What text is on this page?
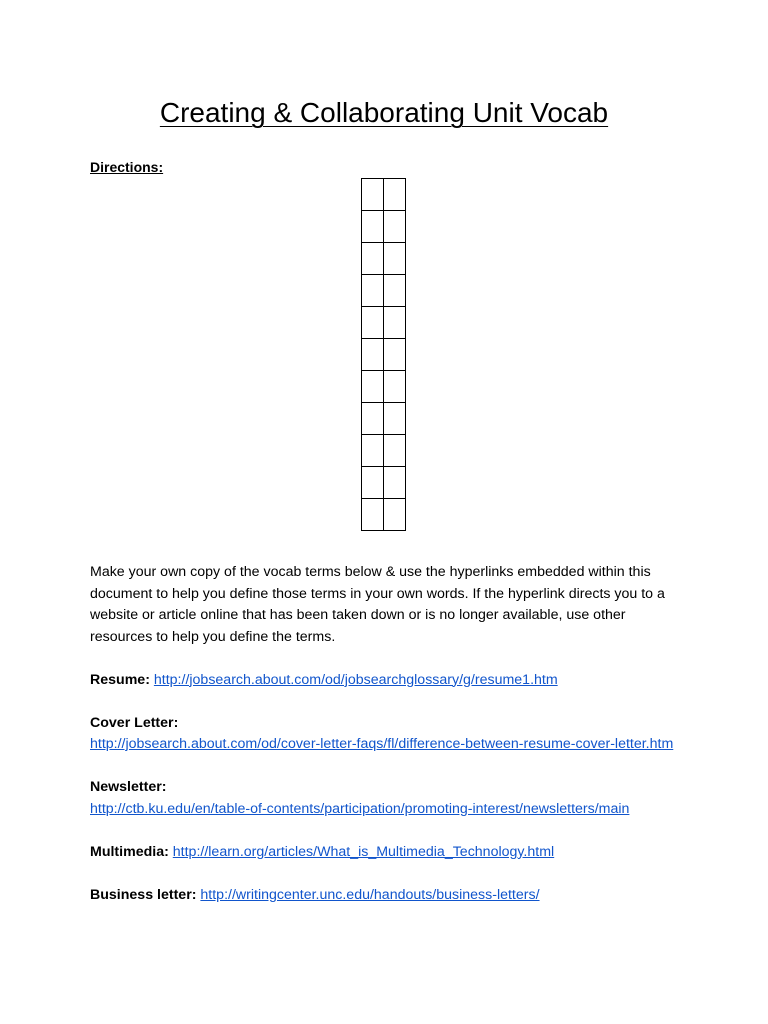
Creating & Collaborating Unit Vocab
Directions:

Make your own copy of the vocab terms below & use the hyperlinks embedded within this document to help you define those terms in your own words. If the hyperlink directs you to a website or article online that has been taken down or is no longer available, use other resources to help you define the terms.

Resume: http://jobsearch.about.com/od/jobsearchglossary/g/resume1.htm

Cover Letter:
http://jobsearch.about.com/od/cover-letter-faqs/fl/difference-between-resume-cover-letter.htm

Newsletter:
http://ctb.ku.edu/en/table-of-contents/participation/promoting-interest/newsletters/main

Multimedia: http://learn.org/articles/What_is_Multimedia_Technology.html

Business letter: http://writingcenter.unc.edu/handouts/business-letters/
